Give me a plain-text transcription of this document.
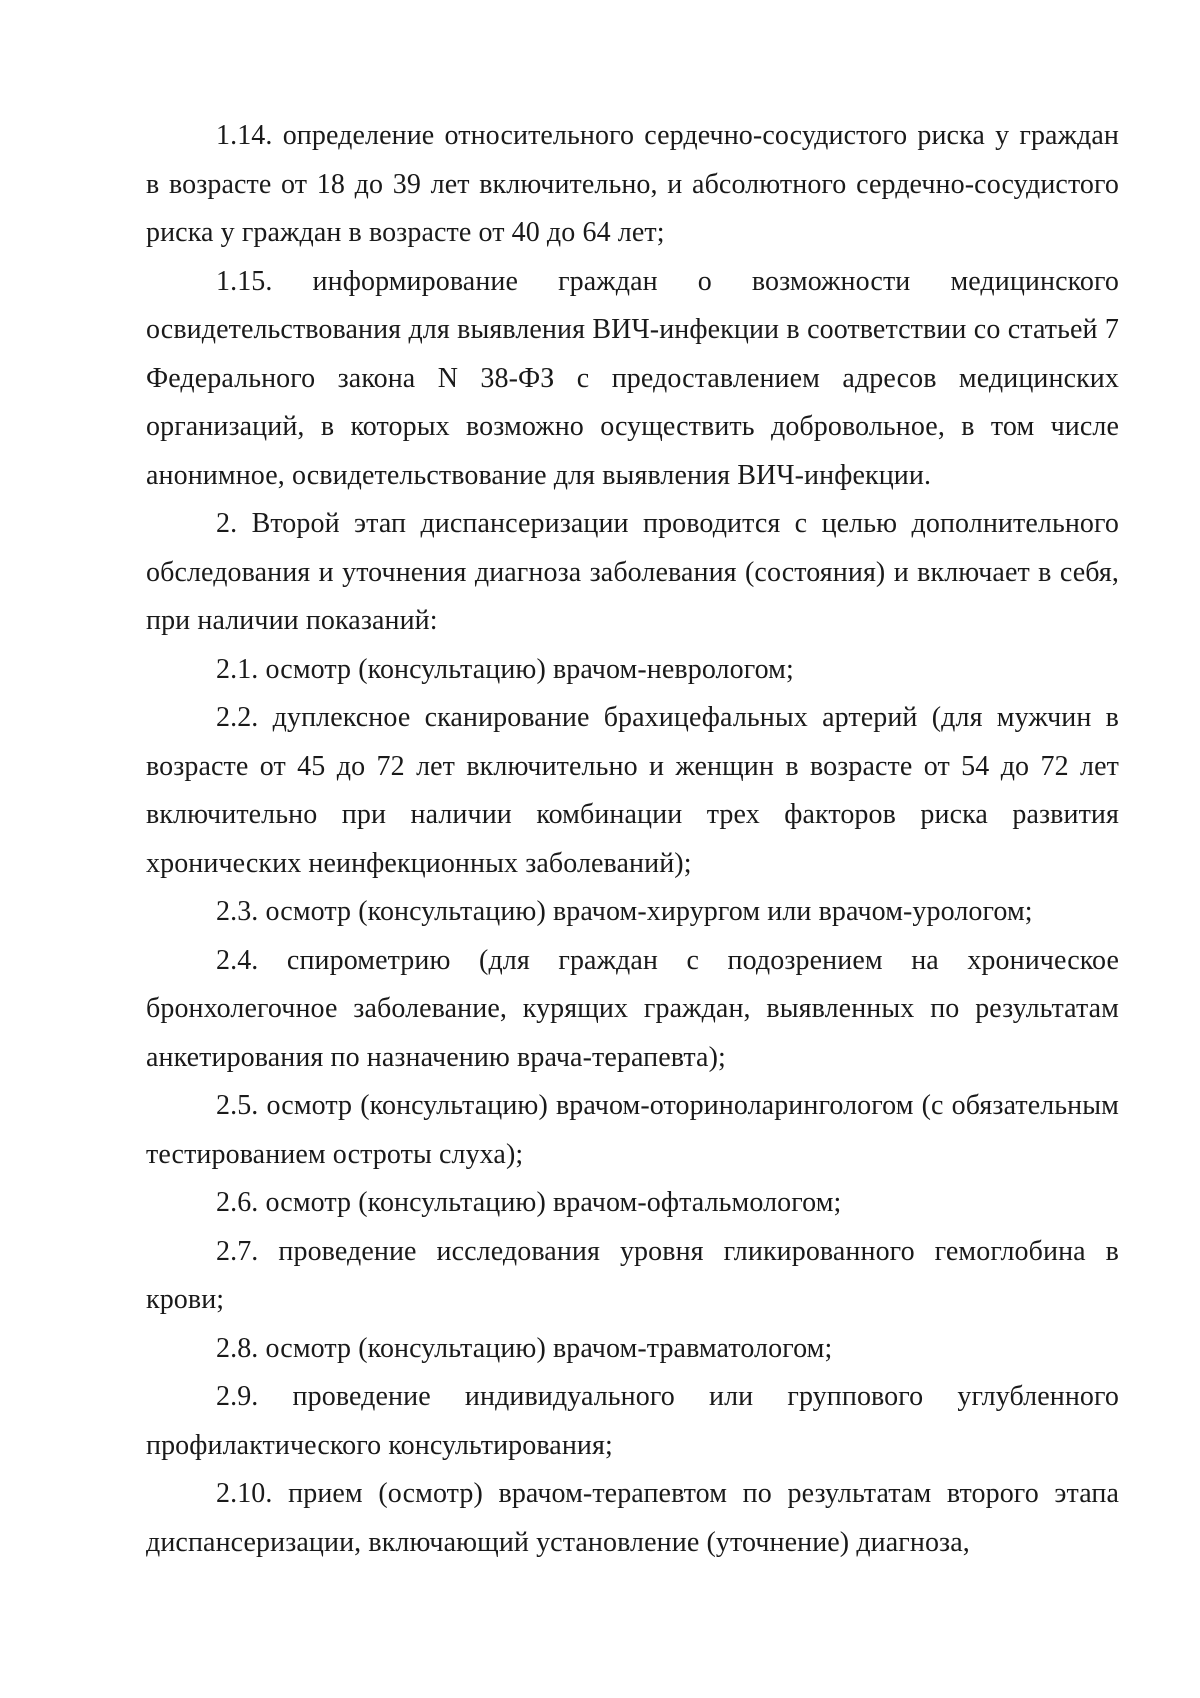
1.14. определение относительного сердечно-сосудистого риска у граждан в возрасте от 18 до 39 лет включительно, и абсолютного сердечно-сосудистого риска у граждан в возрасте от 40 до 64 лет;

1.15. информирование граждан о возможности медицинского освидетельствования для выявления ВИЧ-инфекции в соответствии со статьей 7 Федерального закона N 38-ФЗ с предоставлением адресов медицинских организаций, в которых возможно осуществить добровольное, в том числе анонимное, освидетельствование для выявления ВИЧ-инфекции.

2. Второй этап диспансеризации проводится с целью дополнительного обследования и уточнения диагноза заболевания (состояния) и включает в себя, при наличии показаний:

2.1. осмотр (консультацию) врачом-неврологом;

2.2. дуплексное сканирование брахицефальных артерий (для мужчин в возрасте от 45 до 72 лет включительно и женщин в возрасте от 54 до 72 лет включительно при наличии комбинации трех факторов риска развития хронических неинфекционных заболеваний);

2.3. осмотр (консультацию) врачом-хирургом или врачом-урологом;

2.4. спирометрию (для граждан с подозрением на хроническое бронхолегочное заболевание, курящих граждан, выявленных по результатам анкетирования по назначению врача-терапевта);

2.5. осмотр (консультацию) врачом-оториноларингологом (с обязательным тестированием остроты слуха);

2.6. осмотр (консультацию) врачом-офтальмологом;

2.7. проведение исследования уровня гликированного гемоглобина в крови;

2.8. осмотр (консультацию) врачом-травматологом;

2.9. проведение индивидуального или группового углубленного профилактического консультирования;

2.10. прием (осмотр) врачом-терапевтом по результатам второго этапа диспансеризации, включающий установление (уточнение) диагноза,
